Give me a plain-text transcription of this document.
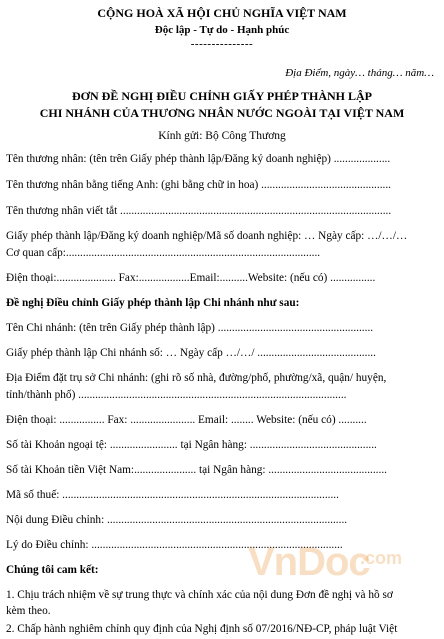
CỘNG HOÀ XÃ HỘI CHỦ NGHĨA VIỆT NAM
Độc lập - Tự do - Hạnh phúc
---------------
Địa Điểm, ngày… tháng… năm…
ĐƠN ĐỀ NGHỊ ĐIỀU CHỈNH GIẤY PHÉP THÀNH LẬP
CHI NHÁNH CỦA THƯƠNG NHÂN NƯỚC NGOÀI TẠI VIỆT NAM
Kính gửi: Bộ Công Thương
Tên thương nhân: (tên trên Giấy phép thành lập/Đăng ký doanh nghiệp) ....................
Tên thương nhân bằng tiếng Anh: (ghi bằng chữ in hoa) ..............................................
Tên thương nhân viết tắt ................................................................................................
Giấy phép thành lập/Đăng ký doanh nghiệp/Mã số doanh nghiệp: … Ngày cấp: …/…/…
Cơ quan cấp:..........................................................................................
Điện thoại:..................... Fax:..................Email:..........Website: (nếu có) ................
Đề nghị Điều chỉnh Giấy phép thành lập Chi nhánh như sau:
Tên Chi nhánh: (tên trên Giấy phép thành lập) .......................................................
Giấy phép thành lập Chi nhánh số: … Ngày cấp …/…/ ..........................................
Địa Điểm đặt trụ sở Chi nhánh: (ghi rõ số nhà, đường/phố, phường/xã, quận/ huyện,
tỉnh/thành phố) ...............................................................................................
Điện thoại: ................ Fax: ....................... Email: ........ Website: (nếu có) ..........
Số tài Khoản ngoại tệ: ........................ tại Ngân hàng: .............................................
Số tài Khoản tiền Việt Nam:...................... tại Ngân hàng: ..........................................
Mã số thuế: ..................................................................................................
Nội dung Điều chỉnh: .....................................................................................
Lý do Điều chỉnh: .........................................................................................
Chúng tôi cam kết:
1. Chịu trách nhiệm về sự trung thực và chính xác của nội dung Đơn đề nghị và hồ sơ
kèm theo.
2. Chấp hành nghiêm chỉnh quy định của Nghị định số 07/2016/NĐ-CP, pháp luật Việt
VnDoc
.com
